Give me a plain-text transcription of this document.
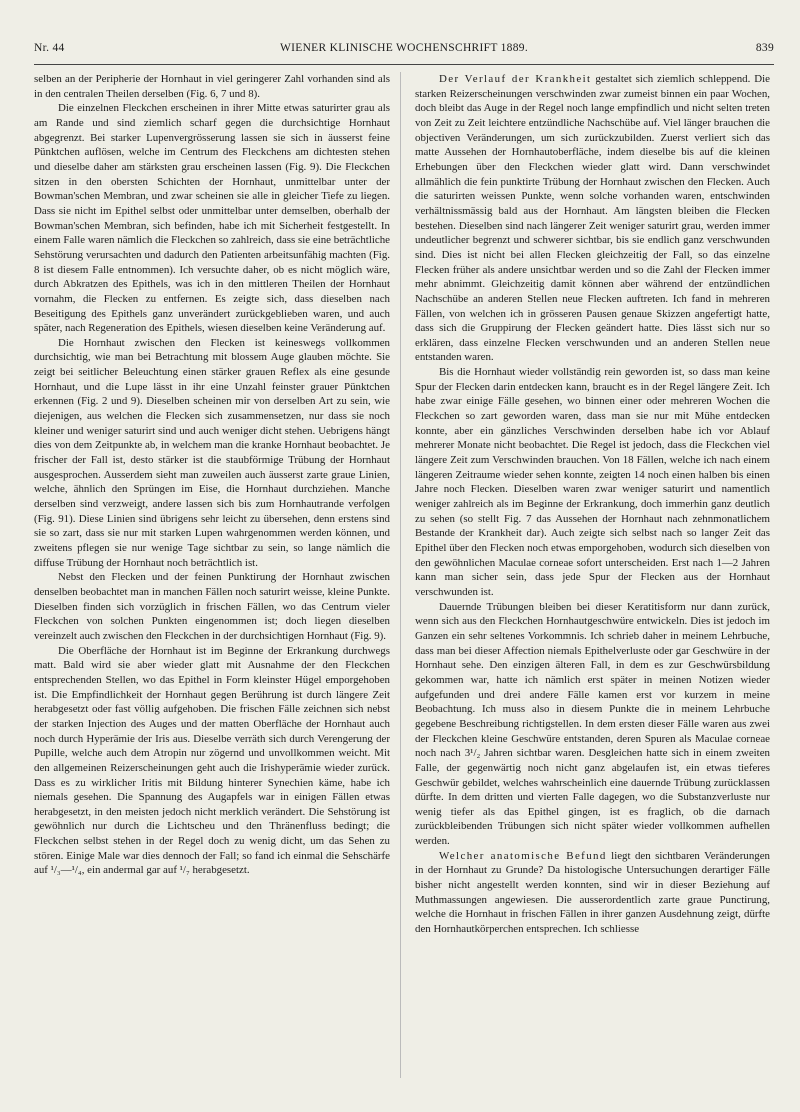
Nr. 44	WIENER KLINISCHE WOCHENSCHRIFT 1889.	839

selben an der Peripherie der Hornhaut in viel geringerer Zahl vorhanden sind als in den centralen Theilen derselben (Fig. 6, 7 und 8).

Die einzelnen Fleckchen erscheinen in ihrer Mitte etwas saturirter grau als am Rande und sind ziemlich scharf gegen die durchsichtige Hornhaut abgegrenzt. Bei starker Lupenvergrösserung lassen sie sich in äusserst feine Pünktchen auflösen, welche im Centrum des Fleckchens am dichtesten stehen und dieselbe daher am stärksten grau erscheinen lassen (Fig. 9). Die Fleckchen sitzen in den obersten Schichten der Hornhaut, unmittelbar unter der Bowman'schen Membran, und zwar scheinen sie alle in gleicher Tiefe zu liegen. Dass sie nicht im Epithel selbst oder unmittelbar unter demselben, oberhalb der Bowman'schen Membran, sich befinden, habe ich mit Sicherheit festgestellt. In einem Falle waren nämlich die Fleckchen so zahlreich, dass sie eine beträchtliche Sehstörung verursachten und dadurch den Patienten arbeitsunfähig machten (Fig. 8 ist diesem Falle entnommen). Ich versuchte daher, ob es nicht möglich wäre, durch Abkratzen des Epithels, was ich in den mittleren Theilen der Hornhaut vornahm, die Flecken zu entfernen. Es zeigte sich, dass dieselben nach Beseitigung des Epithels ganz unverändert zurückgeblieben waren, und auch später, nach Regeneration des Epithels, wiesen dieselben keine Veränderung auf.

Die Hornhaut zwischen den Flecken ist keineswegs vollkommen durchsichtig, wie man bei Betrachtung mit blossem Auge glauben möchte. Sie zeigt bei seitlicher Beleuchtung einen stärker grauen Reflex als eine gesunde Hornhaut, und die Lupe lässt in ihr eine Unzahl feinster grauer Pünktchen erkennen (Fig. 2 und 9). Dieselben scheinen mir von derselben Art zu sein, wie diejenigen, aus welchen die Flecken sich zusammensetzen, nur dass sie noch kleiner und weniger saturirt sind und auch weniger dicht stehen. Uebrigens hängt dies von dem Zeitpunkte ab, in welchem man die kranke Hornhaut beobachtet. Je frischer der Fall ist, desto stärker ist die staubförmige Trübung der Hornhaut ausgesprochen. Ausserdem sieht man zuweilen auch äusserst zarte graue Linien, welche, ähnlich den Sprüngen im Eise, die Hornhaut durchziehen. Manche derselben sind verzweigt, andere lassen sich bis zum Hornhautrande verfolgen (Fig. 91). Diese Linien sind übrigens sehr leicht zu übersehen, denn erstens sind sie so zart, dass sie nur mit starken Lupen wahrgenommen werden können, und zweitens pflegen sie nur wenige Tage sichtbar zu sein, so lange nämlich die diffuse Trübung der Hornhaut noch beträchtlich ist.

Nebst den Flecken und der feinen Punktirung der Hornhaut zwischen denselben beobachtet man in manchen Fällen noch saturirt weisse, kleine Punkte. Dieselben finden sich vorzüglich in frischen Fällen, wo das Centrum vieler Fleckchen von solchen Punkten eingenommen ist; doch liegen dieselben vereinzelt auch zwischen den Fleckchen in der durchsichtigen Hornhaut (Fig. 9).

Die Oberfläche der Hornhaut ist im Beginne der Erkrankung durchwegs matt. Bald wird sie aber wieder glatt mit Ausnahme der den Fleckchen entsprechenden Stellen, wo das Epithel in Form kleinster Hügel emporgehoben ist. Die Empfindlichkeit der Hornhaut gegen Berührung ist durch längere Zeit herabgesetzt oder fast völlig aufgehoben. Die frischen Fälle zeichnen sich nebst der starken Injection des Auges und der matten Oberfläche der Hornhaut auch noch durch Hyperämie der Iris aus. Dieselbe verräth sich durch Verengerung der Pupille, welche auch dem Atropin nur zögernd und unvollkommen weicht. Mit den allgemeinen Reizerscheinungen geht auch die Irishyperämie wieder zurück. Dass es zu wirklicher Iritis mit Bildung hinterer Synechien käme, habe ich niemals gesehen. Die Spannung des Augapfels war in einigen Fällen etwas herabgesetzt, in den meisten jedoch nicht merklich verändert. Die Sehstörung ist gewöhnlich nur durch die Lichtscheu und den Thränenfluss bedingt; die Fleckchen selbst stehen in der Regel doch zu wenig dicht, um das Sehen zu stören. Einige Male war dies dennoch der Fall; so fand ich einmal die Sehschärfe auf ¹/₃—¹/₄, ein andermal gar auf ¹/₇ herabgesetzt.

Der Verlauf der Krankheit gestaltet sich ziemlich schleppend. Die starken Reizerscheinungen verschwinden zwar zumeist binnen ein paar Wochen, doch bleibt das Auge in der Regel noch lange empfindlich und nicht selten treten von Zeit zu Zeit leichtere entzündliche Nachschübe auf. Viel länger brauchen die objectiven Veränderungen, um sich zurückzubilden. Zuerst verliert sich das matte Aussehen der Hornhautoberfläche, indem dieselbe bis auf die kleinen Erhebungen über den Fleckchen wieder glatt wird. Dann verschwindet allmählich die fein punktirte Trübung der Hornhaut zwischen den Flecken. Auch die saturirten weissen Punkte, wenn solche vorhanden waren, entschwinden verhältnissmässig bald aus der Hornhaut. Am längsten bleiben die Flecken bestehen. Dieselben sind nach längerer Zeit weniger saturirt grau, werden immer undeutlicher begrenzt und schwerer sichtbar, bis sie endlich ganz verschwunden sind. Dies ist nicht bei allen Flecken gleichzeitig der Fall, so das einzelne Flecken früher als andere unsichtbar werden und so die Zahl der Flecken immer mehr abnimmt. Gleichzeitig damit können aber während der entzündlichen Nachschübe an anderen Stellen neue Flecken auftreten. Ich fand in mehreren Fällen, von welchen ich in grösseren Pausen genaue Skizzen angefertigt hatte, dass sich die Gruppirung der Flecken geändert hatte. Dies lässt sich nur so erklären, dass einzelne Flecken verschwunden und an anderen Stellen neue entstanden waren.

Bis die Hornhaut wieder vollständig rein geworden ist, so dass man keine Spur der Flecken darin entdecken kann, braucht es in der Regel längere Zeit. Ich habe zwar einige Fälle gesehen, wo binnen einer oder mehreren Wochen die Fleckchen so zart geworden waren, dass man sie nur mit Mühe entdecken konnte, aber ein gänzliches Verschwinden derselben habe ich vor Ablauf mehrerer Monate nicht beobachtet. Die Regel ist jedoch, dass die Fleckchen viel längere Zeit zum Verschwinden brauchen. Von 18 Fällen, welche ich nach einem längeren Zeitraume wieder sehen konnte, zeigten 14 noch einen halben bis einen Jahre noch Flecken. Dieselben waren zwar weniger saturirt und namentlich weniger zahlreich als im Beginne der Erkrankung, doch immerhin ganz deutlich zu sehen (so stellt Fig. 7 das Aussehen der Hornhaut nach zehnmonatlichem Bestande der Krankheit dar). Auch zeigte sich selbst nach so langer Zeit das Epithel über den Flecken noch etwas emporgehoben, wodurch sich dieselben von den gewöhnlichen Maculae corneae sofort unterscheiden. Erst nach 1—2 Jahren kann man sicher sein, dass jede Spur der Flecken aus der Hornhaut verschwunden ist.

Dauernde Trübungen bleiben bei dieser Keratitisform nur dann zurück, wenn sich aus den Fleckchen Hornhautgeschwüre entwickeln. Dies ist jedoch im Ganzen ein sehr seltenes Vorkommnis. Ich schrieb daher in meinem Lehrbuche, dass man bei dieser Affection niemals Epithelverluste oder gar Geschwüre in der Hornhaut sehe. Den einzigen älteren Fall, in dem es zur Geschwürsbildung gekommen war, hatte ich nämlich erst später in meinen Notizen wieder aufgefunden und drei andere Fälle kamen erst vor kurzem in meine Beobachtung. Ich muss also in diesem Punkte die in meinem Lehrbuche gegebene Beschreibung richtigstellen. In dem ersten dieser Fälle waren aus zwei der Fleckchen kleine Geschwüre entstanden, deren Spuren als Maculae corneae noch nach 3¹/₂ Jahren sichtbar waren. Desgleichen hatte sich in einem zweiten Falle, der gegenwärtig noch nicht ganz abgelaufen ist, ein etwas tieferes Geschwür gebildet, welches wahrscheinlich eine dauernde Trübung zurücklassen dürfte. In dem dritten und vierten Falle dagegen, wo die Substanzverluste nur wenig tiefer als das Epithel gingen, ist es fraglich, ob die darnach zurückbleibenden Trübungen sich nicht später wieder vollkommen aufhellen werden.

Welcher anatomische Befund liegt den sichtbaren Veränderungen in der Hornhaut zu Grunde? Da histologische Untersuchungen derartiger Fälle bisher nicht angestellt werden konnten, sind wir in dieser Beziehung auf Muthmassungen angewiesen. Die ausserordentlich zarte graue Punctirung, welche die Hornhaut in frischen Fällen in ihrer ganzen Ausdehnung zeigt, dürfte den Hornhautkörperchen entsprechen. Ich schliesse
